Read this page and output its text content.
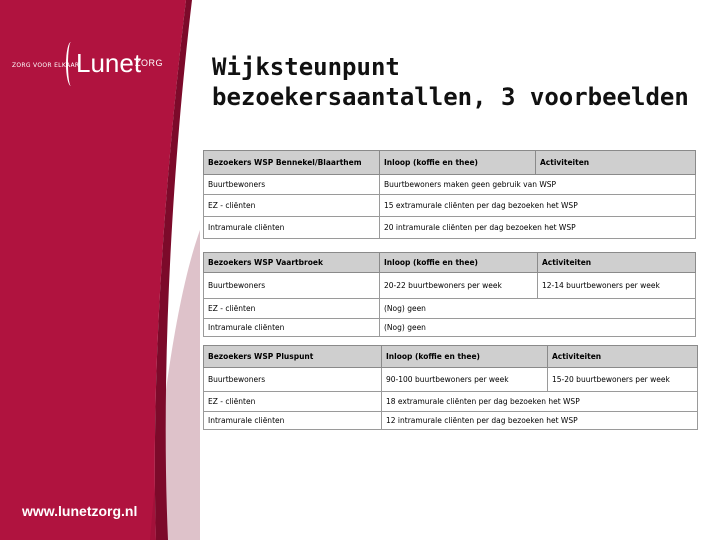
ZORG VOOR ELKAAR
Lunet
ZORG
www.lunetzorg.nl
Wijksteunpunt
bezoekersaantallen, 3 voorbeelden
Bezoekers WSP Bennekel/Blaarthem	Inloop (koffie en thee)	Activiteiten
Buurtbewoners	Buurtbewoners maken geen gebruik van WSP	
EZ - cliënten	15 extramurale cliënten per dag bezoeken het WSP	
Intramurale cliënten	20 intramurale cliënten per dag bezoeken het WSP	
Bezoekers WSP Vaartbroek	Inloop (koffie en thee)	Activiteiten
Buurtbewoners	20-22 buurtbewoners per week	12-14 buurtbewoners per week
EZ - cliënten	(Nog) geen	
Intramurale cliënten	(Nog) geen	
Bezoekers WSP Pluspunt	Inloop (koffie en thee)	Activiteiten
Buurtbewoners	90-100 buurtbewoners per week	15-20 buurtbewoners per week
EZ - cliënten	18 extramurale cliënten per dag bezoeken het WSP	
Intramurale cliënten	12 intramurale cliënten per dag bezoeken het WSP	
